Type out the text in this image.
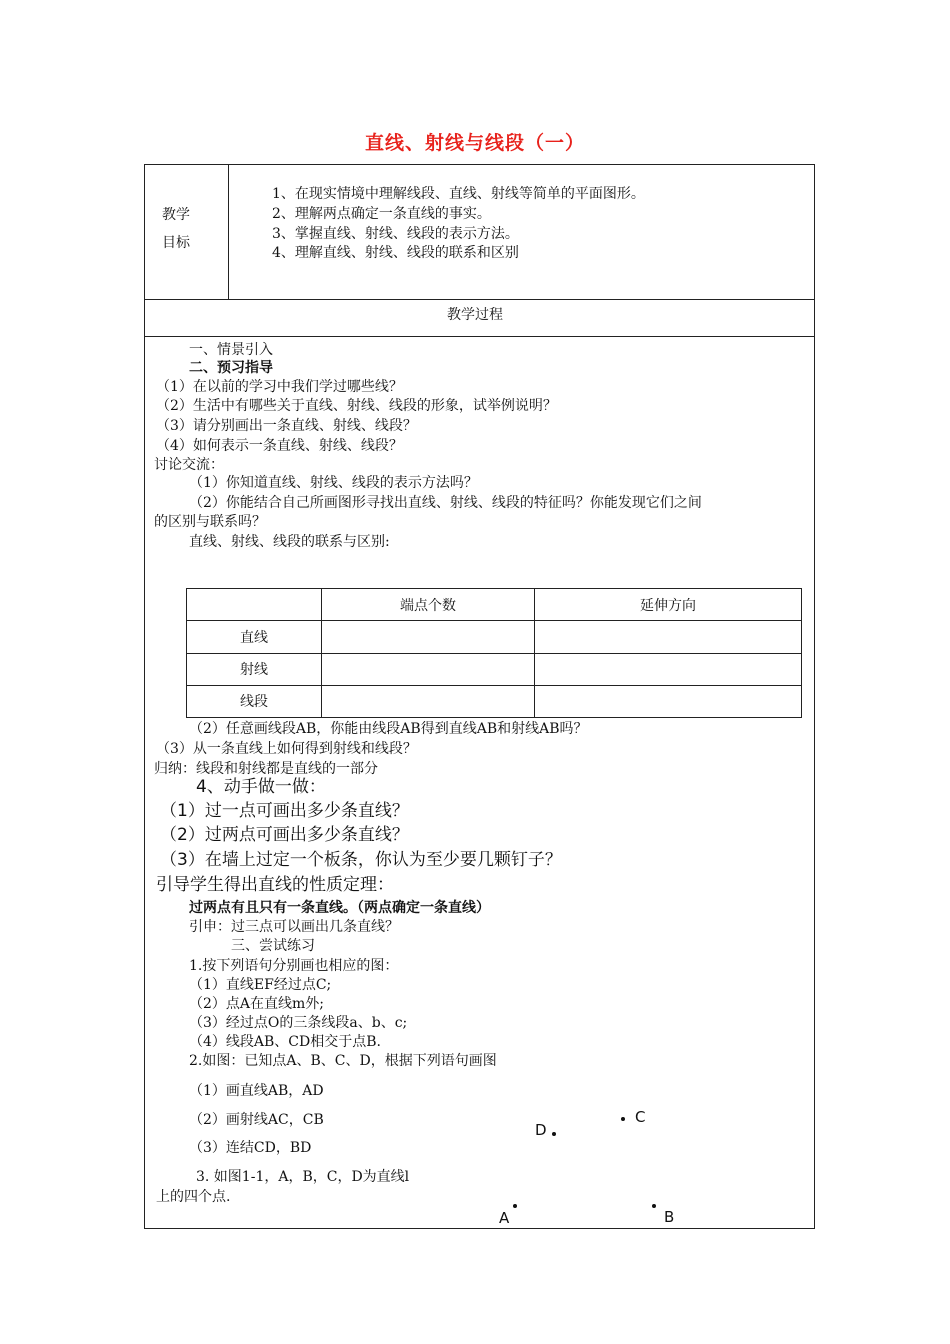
直线、射线与线段（一）
教学
目标
1、在现实情境中理解线段、直线、射线等简单的平面图形。
2、理解两点确定一条直线的事实。
3、掌握直线、射线、线段的表示方法。
4、理解直线、射线、线段的联系和区别
教学过程
一、情景引入
二、预习指导
（1）在以前的学习中我们学过哪些线？
（2）生活中有哪些关于直线、射线、线段的形象，试举例说明？
（3）请分别画出一条直线、射线、线段？
（4）如何表示一条直线、射线、线段？
讨论交流：
（1）你知道直线、射线、线段的表示方法吗？
（2）你能结合自己所画图形寻找出直线、射线、线段的特征吗？你能发现它们之间
的区别与联系吗？
直线、射线、线段的联系与区别:
	端点个数	延伸方向
直线		
射线		
线段		
（2）任意画线段AB，你能由线段AB得到直线AB和射线AB吗？
（3）从一条直线上如何得到射线和线段？
归纳：线段和射线都是直线的一部分
4、动手做一做：
（1）过一点可画出多少条直线？
（2）过两点可画出多少条直线？
（3）在墙上过定一个板条，你认为至少要几颗钉子？
引导学生得出直线的性质定理：
过两点有且只有一条直线。（两点确定一条直线）
引申：过三点可以画出几条直线？
三、尝试练习
1.按下列语句分别画也相应的图：
（1）直线EF经过点C;
（2）点A在直线m外;
（3）经过点O的三条线段a、b、c;
（4）线段AB、CD相交于点B.
2.如图：已知点A、B、C、D，根据下列语句画图
（1）画直线AB，AD
（2）画射线AC，CB
（3）连结CD，BD
3. 如图1-1，A，B，C，D为直线l
上的四个点.
D
C
A	B
